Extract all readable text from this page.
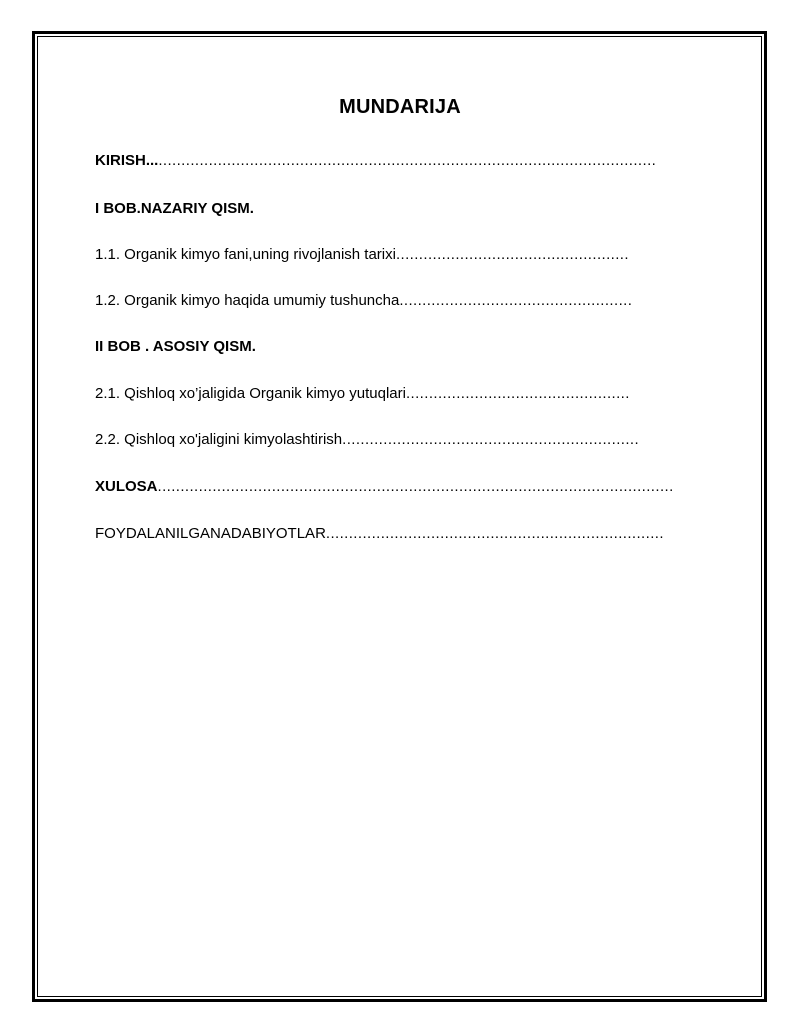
MUNDARIJA
KIRISH................................................................................................................
I BOB.NAZARIY QISM.
1.1. Organik kimyo fani,uning rivojlanish tarixi...................................................
1.2. Organik kimyo haqida umumiy tushuncha...................................................
II BOB . ASOSIY QISM.
2.1. Qishloq xo’jaligida Organik kimyo yutuqlari.................................................
2.2. Qishloq xo'jaligini kimyolashtirish.................................................................
XULOSA.................................................................................................................
FOYDALANILGANADABIYOTLAR..........................................................................
